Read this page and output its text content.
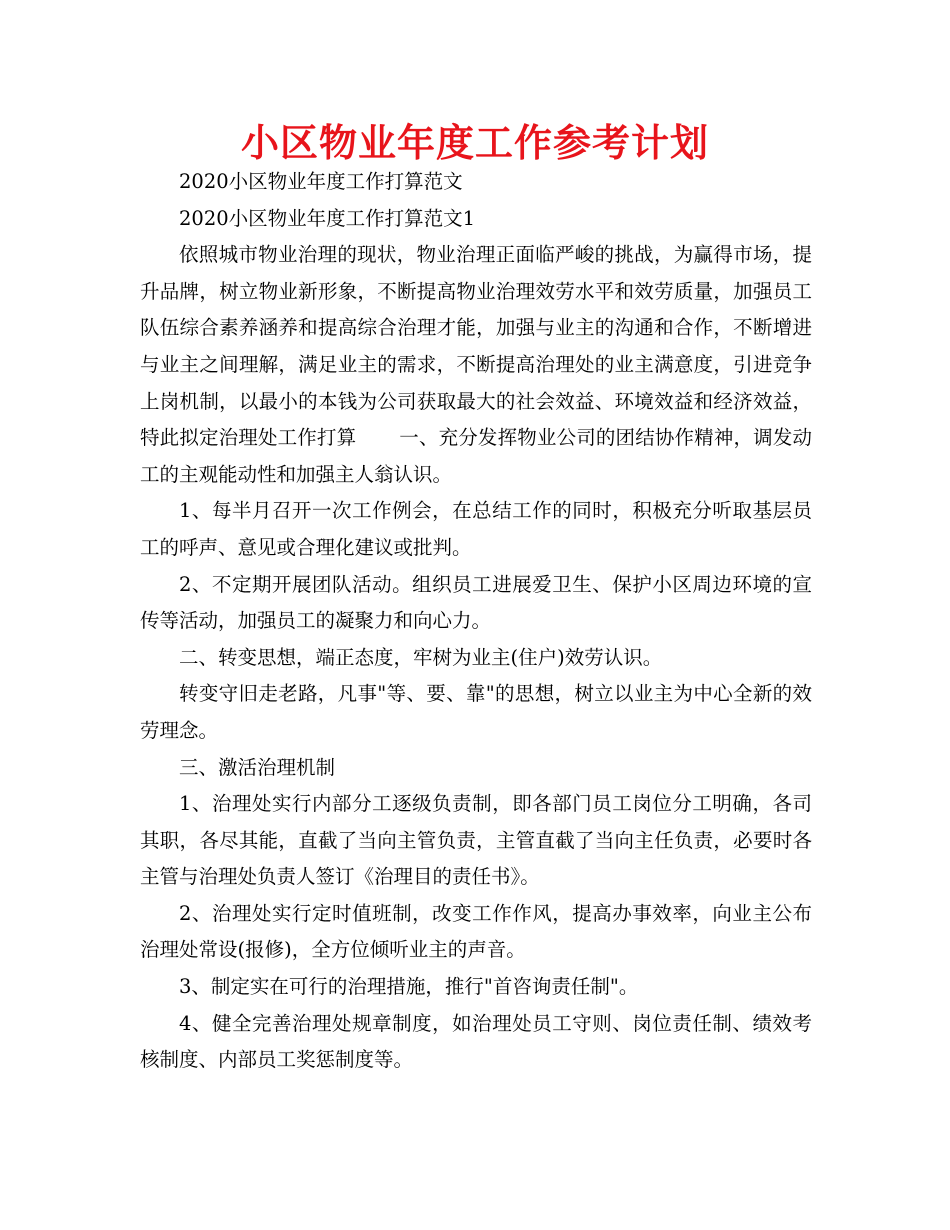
小区物业年度工作参考计划

2020小区物业年度工作打算范文

2020小区物业年度工作打算范文1

依照城市物业治理的现状，物业治理正面临严峻的挑战，为赢得市场，提升品牌，树立物业新形象，不断提高物业治理效劳水平和效劳质量，加强员工队伍综合素养涵养和提高综合治理才能，加强与业主的沟通和合作，不断增进与业主之间理解，满足业主的需求，不断提高治理处的业主满意度，引进竞争上岗机制，以最小的本钱为公司获取最大的社会效益、环境效益和经济效益，特此拟定治理处工作打算 一、充分发挥物业公司的团结协作精神，调发动工的主观能动性和加强主人翁认识。

1、每半月召开一次工作例会，在总结工作的同时，积极充分听取基层员工的呼声、意见或合理化建议或批判。

2、不定期开展团队活动。组织员工进展爱卫生、保护小区周边环境的宣传等活动，加强员工的凝聚力和向心力。

二、转变思想，端正态度，牢树为业主(住户)效劳认识。

转变守旧走老路，凡事"等、要、靠"的思想，树立以业主为中心全新的效劳理念。

三、激活治理机制

1、治理处实行内部分工逐级负责制，即各部门员工岗位分工明确，各司其职，各尽其能，直截了当向主管负责，主管直截了当向主任负责，必要时各主管与治理处负责人签订《治理目的责任书》。

2、治理处实行定时值班制，改变工作作风，提高办事效率，向业主公布治理处常设(报修)，全方位倾听业主的声音。

3、制定实在可行的治理措施，推行"首咨询责任制"。

4、健全完善治理处规章制度，如治理处员工守则、岗位责任制、绩效考核制度、内部员工奖惩制度等。
